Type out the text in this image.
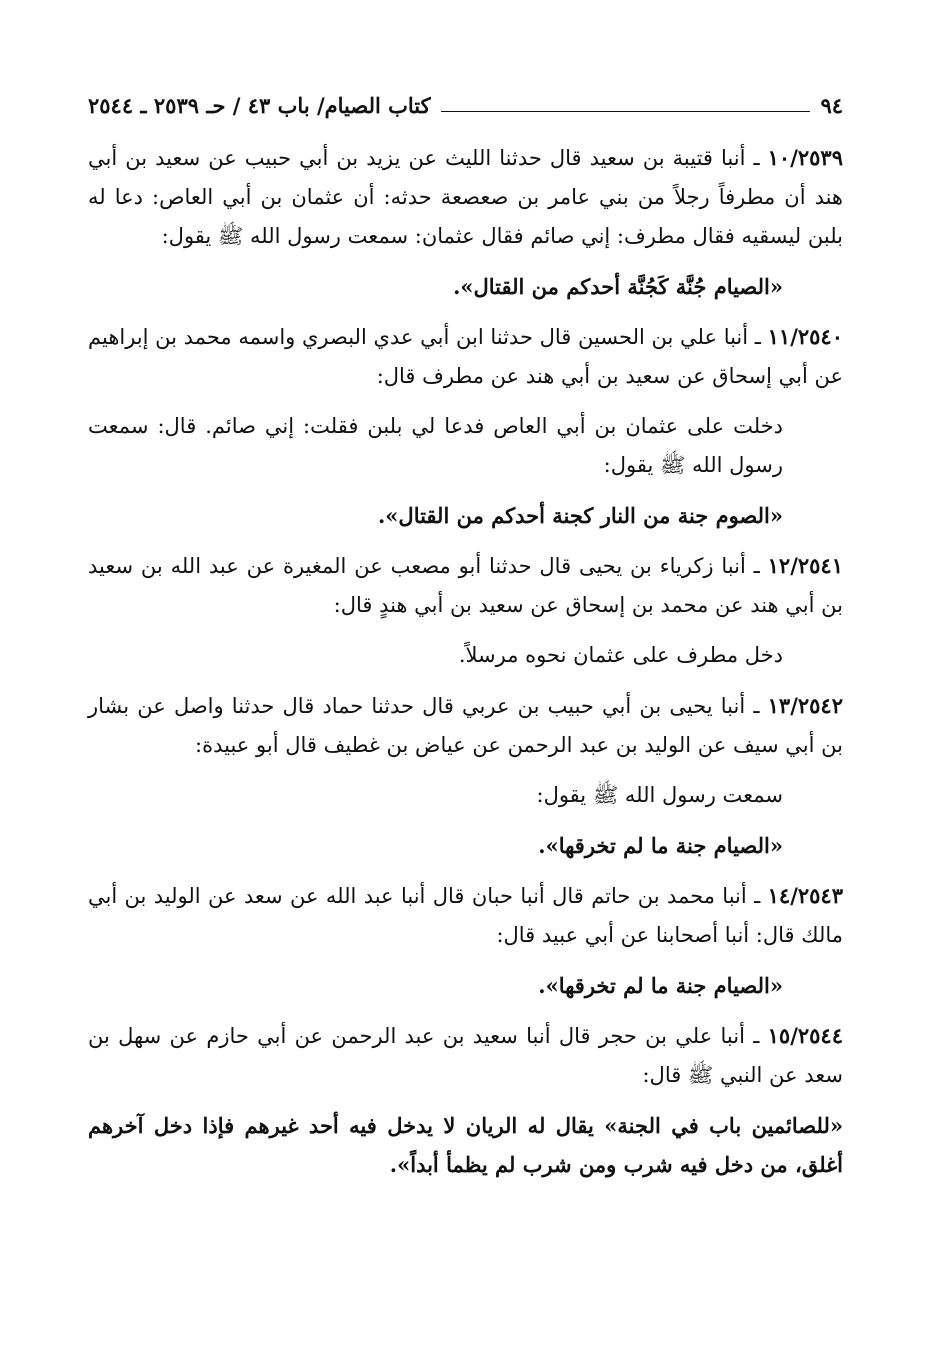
٩٤
كتاب الصيام/ باب ٤٣ / حـ ٢٥٣٩ ـ ٢٥٤٤

١٠/٢٥٣٩ ـ أنبا قتيبة بن سعيد قال حدثنا الليث عن يزيد بن أبي حبيب عن سعيد بن أبي هند أن مطرفاً رجلاً من بني عامر بن صعصعة حدثه: أن عثمان بن أبي العاص: دعا له بلبن ليسقيه فقال مطرف: إني صائم فقال عثمان: سمعت رسول الله ﷺ يقول:

«الصيام جُنَّة كَجُنَّة أحدكم من القتال».

١١/٢٥٤٠ ـ أنبا علي بن الحسين قال حدثنا ابن أبي عدي البصري واسمه محمد بن إبراهيم عن أبي إسحاق عن سعيد بن أبي هند عن مطرف قال:

دخلت على عثمان بن أبي العاص فدعا لي بلبن فقلت: إني صائم. قال: سمعت رسول الله ﷺ يقول:

«الصوم جنة من النار كجنة أحدكم من القتال».

١٢/٢٥٤١ ـ أنبا زكرياء بن يحيى قال حدثنا أبو مصعب عن المغيرة عن عبد الله بن سعيد بن أبي هند عن محمد بن إسحاق عن سعيد بن أبي هندٍ قال:

دخل مطرف على عثمان نحوه مرسلاً.

١٣/٢٥٤٢ ـ أنبا يحيى بن أبي حبيب بن عربي قال حدثنا حماد قال حدثنا واصل عن بشار بن أبي سيف عن الوليد بن عبد الرحمن عن عياض بن غطيف قال أبو عبيدة:

سمعت رسول الله ﷺ يقول:

«الصيام جنة ما لم تخرقها».

١٤/٢٥٤٣ ـ أنبا محمد بن حاتم قال أنبا حبان قال أنبا عبد الله عن سعد عن الوليد بن أبي مالك قال: أنبا أصحابنا عن أبي عبيد قال:

«الصيام جنة ما لم تخرقها».

١٥/٢٥٤٤ ـ أنبا علي بن حجر قال أنبا سعيد بن عبد الرحمن عن أبي حازم عن سهل بن سعد عن النبي ﷺ قال:

«للصائمين باب في الجنة» يقال له الريان لا يدخل فيه أحد غيرهم فإذا دخل آخرهم أغلق، من دخل فيه شرب ومن شرب لم يظمأ أبداً».
